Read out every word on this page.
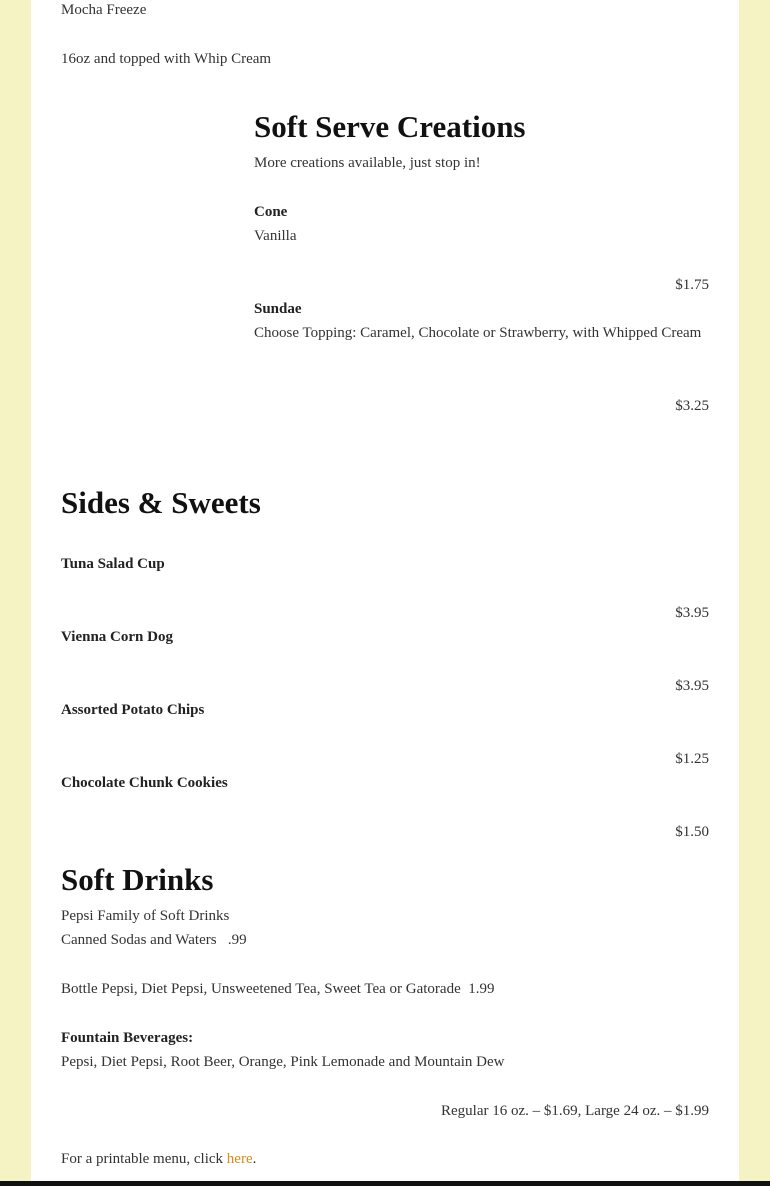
Mocha Freeze
16oz and topped with Whip Cream
Soft Serve Creations
More creations available, just stop in!
Cone
Vanilla
$1.75
Sundae
Choose Topping: Caramel, Chocolate or Strawberry, with Whipped Cream
$3.25
Sides & Sweets
Tuna Salad Cup
$3.95
Vienna Corn Dog
$3.95
Assorted Potato Chips
$1.25
Chocolate Chunk Cookies
$1.50
Soft Drinks
Pepsi Family of Soft Drinks
Canned Sodas and Waters   .99
Bottle Pepsi, Diet Pepsi, Unsweetened Tea, Sweet Tea or Gatorade  1.99
Fountain Beverages:
Pepsi, Diet Pepsi, Root Beer, Orange, Pink Lemonade and Mountain Dew
Regular 16 oz. – $1.69, Large 24 oz. – $1.99
For a printable menu, click here.
